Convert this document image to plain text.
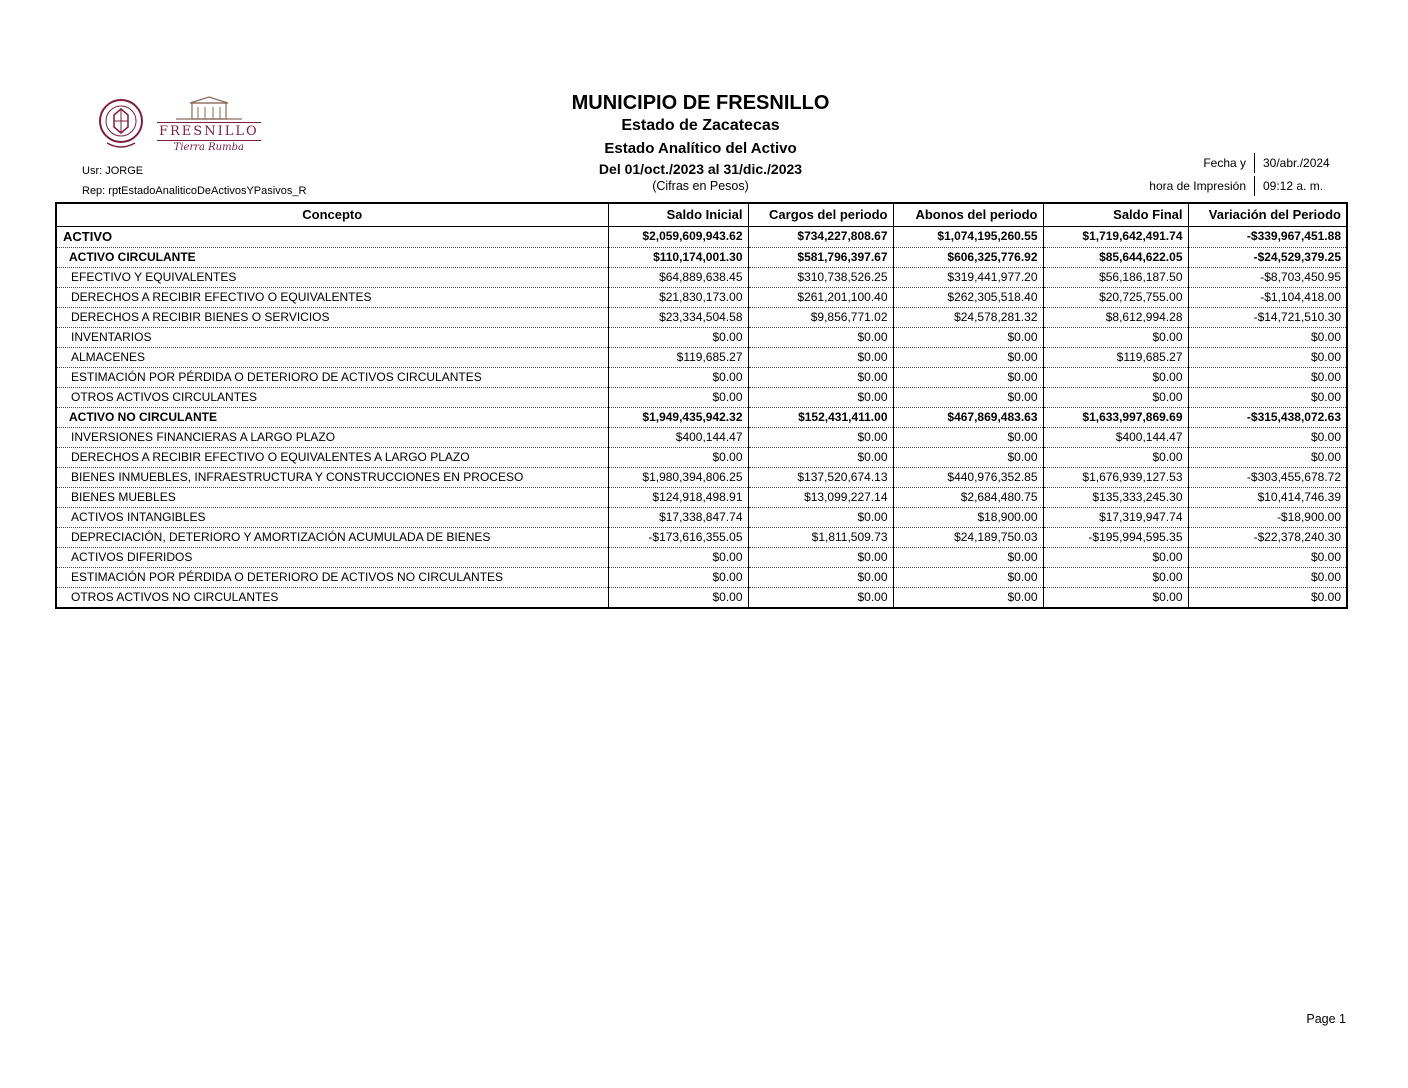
FRESNILLO
Tierra Rumba
MUNICIPIO DE FRESNILLO
Estado de Zacatecas
Estado Analítico del Activo
Del 01/oct./2023 al 31/dic./2023
(Cifras en Pesos)
Usr: JORGE
Rep: rptEstadoAnaliticoDeActivosYPasivos_R
Fecha y	30/abr./2024
hora de Impresión	09:12 a. m.
Concepto	Saldo Inicial	Cargos del periodo	Abonos del periodo	Saldo Final	Variación del Periodo
ACTIVO	$2,059,609,943.62	$734,227,808.67	$1,074,195,260.55	$1,719,642,491.74	-$339,967,451.88
ACTIVO CIRCULANTE	$110,174,001.30	$581,796,397.67	$606,325,776.92	$85,644,622.05	-$24,529,379.25
EFECTIVO Y EQUIVALENTES	$64,889,638.45	$310,738,526.25	$319,441,977.20	$56,186,187.50	-$8,703,450.95
DERECHOS A RECIBIR EFECTIVO O EQUIVALENTES	$21,830,173.00	$261,201,100.40	$262,305,518.40	$20,725,755.00	-$1,104,418.00
DERECHOS A RECIBIR BIENES O SERVICIOS	$23,334,504.58	$9,856,771.02	$24,578,281.32	$8,612,994.28	-$14,721,510.30
INVENTARIOS	$0.00	$0.00	$0.00	$0.00	$0.00
ALMACENES	$119,685.27	$0.00	$0.00	$119,685.27	$0.00
ESTIMACIÓN POR PÉRDIDA O DETERIORO DE ACTIVOS CIRCULANTES	$0.00	$0.00	$0.00	$0.00	$0.00
OTROS ACTIVOS CIRCULANTES	$0.00	$0.00	$0.00	$0.00	$0.00
ACTIVO NO CIRCULANTE	$1,949,435,942.32	$152,431,411.00	$467,869,483.63	$1,633,997,869.69	-$315,438,072.63
INVERSIONES FINANCIERAS A LARGO PLAZO	$400,144.47	$0.00	$0.00	$400,144.47	$0.00
DERECHOS A RECIBIR EFECTIVO O EQUIVALENTES A LARGO PLAZO	$0.00	$0.00	$0.00	$0.00	$0.00
BIENES INMUEBLES, INFRAESTRUCTURA Y CONSTRUCCIONES EN PROCESO	$1,980,394,806.25	$137,520,674.13	$440,976,352.85	$1,676,939,127.53	-$303,455,678.72
BIENES MUEBLES	$124,918,498.91	$13,099,227.14	$2,684,480.75	$135,333,245.30	$10,414,746.39
ACTIVOS INTANGIBLES	$17,338,847.74	$0.00	$18,900.00	$17,319,947.74	-$18,900.00
DEPRECIACIÓN, DETERIORO Y AMORTIZACIÓN ACUMULADA DE BIENES	-$173,616,355.05	$1,811,509.73	$24,189,750.03	-$195,994,595.35	-$22,378,240.30
ACTIVOS DIFERIDOS	$0.00	$0.00	$0.00	$0.00	$0.00
ESTIMACIÓN POR PÉRDIDA O DETERIORO DE ACTIVOS NO CIRCULANTES	$0.00	$0.00	$0.00	$0.00	$0.00
OTROS ACTIVOS NO CIRCULANTES	$0.00	$0.00	$0.00	$0.00	$0.00
Page 1
